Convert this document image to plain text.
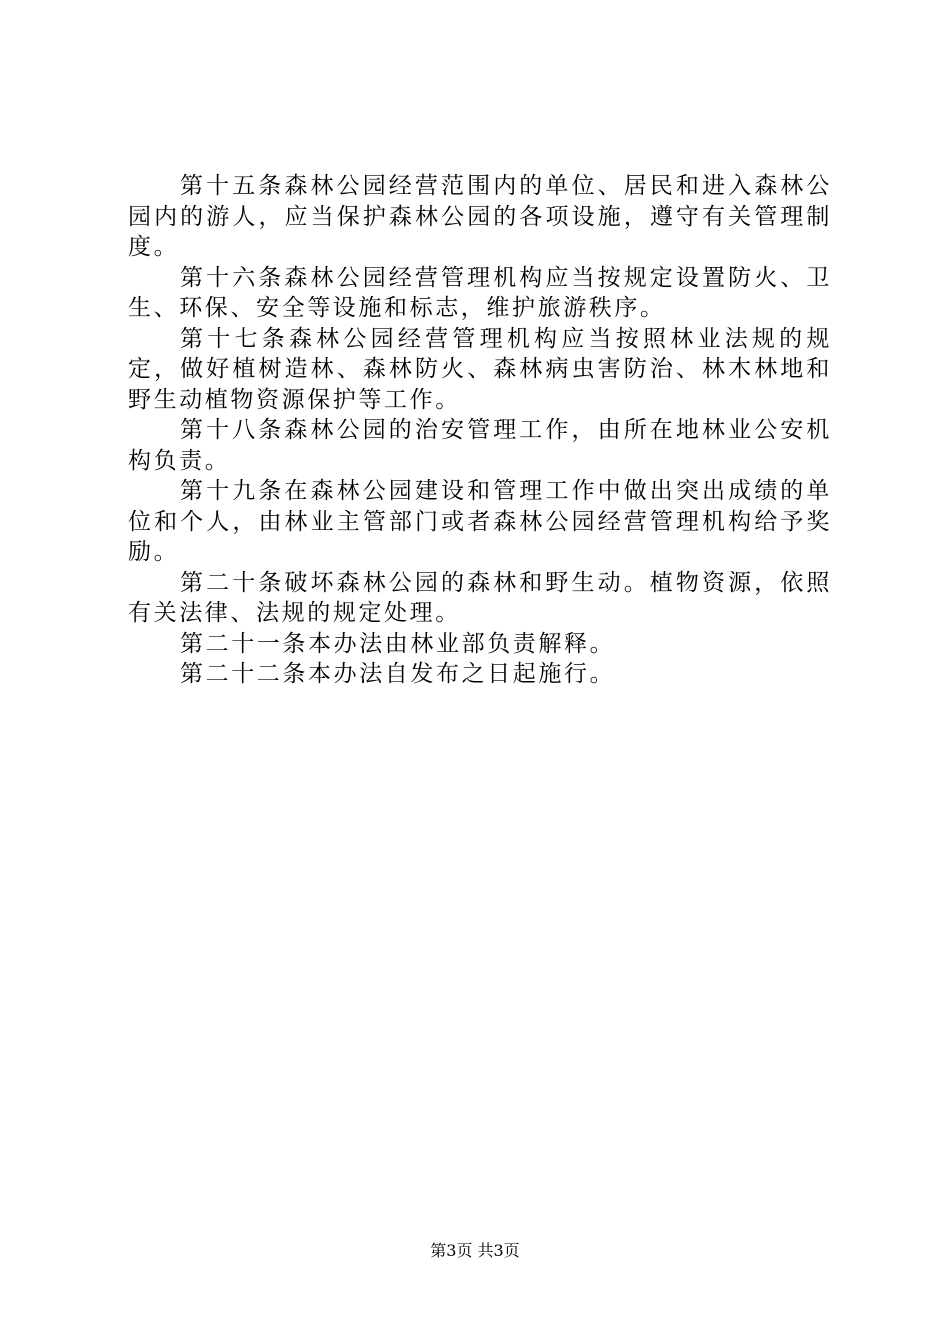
第十五条森林公园经营范围内的单位、居民和进入森林公园内的游人，应当保护森林公园的各项设施，遵守有关管理制度。

第十六条森林公园经营管理机构应当按规定设置防火、卫生、环保、安全等设施和标志，维护旅游秩序。

第十七条森林公园经营管理机构应当按照林业法规的规定，做好植树造林、森林防火、森林病虫害防治、林木林地和野生动植物资源保护等工作。

第十八条森林公园的治安管理工作，由所在地林业公安机构负责。

第十九条在森林公园建设和管理工作中做出突出成绩的单位和个人，由林业主管部门或者森林公园经营管理机构给予奖励。

第二十条破坏森林公园的森林和野生动。植物资源，依照有关法律、法规的规定处理。

第二十一条本办法由林业部负责解释。

第二十二条本办法自发布之日起施行。

第3页 共3页
